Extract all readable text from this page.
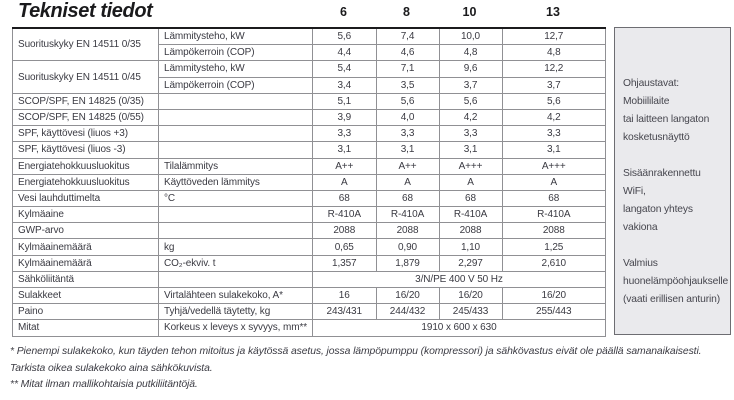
Tekniset tiedot	6	8	10	13
Suorituskyky EN 14511 0/35	Lämmitysteho, kW	5,6	7,4	10,0	12,7
	Lämpökerroin (COP)	4,4	4,6	4,8	4,8
Suorituskyky EN 14511 0/45	Lämmitysteho, kW	5,4	7,1	9,6	12,2
	Lämpökerroin (COP)	3,4	3,5	3,7	3,7
SCOP/SPF, EN 14825 (0/35)		5,1	5,6	5,6	5,6
SCOP/SPF, EN 14825 (0/55)		3,9	4,0	4,2	4,2
SPF, käyttövesi (liuos +3)		3,3	3,3	3,3	3,3
SPF, käyttövesi (liuos -3)		3,1	3,1	3,1	3,1
Energiatehokkuusluokitus	Tilalämmitys	A++	A++	A+++	A+++
Energiatehokkuusluokitus	Käyttöveden lämmitys	A	A	A	A
Vesi lauhduttimelta	°C	68	68	68	68
Kylmäaine		R-410A	R-410A	R-410A	R-410A
GWP-arvo		2088	2088	2088	2088
Kylmäainemäärä	kg	0,65	0,90	1,10	1,25
Kylmäainemäärä	CO₂-ekviv. t	1,357	1,879	2,297	2,610
Sähköliitäntä		3/N/PE 400 V 50 Hz			
Sulakkeet	Virtalähteen sulakekoko, A*	16	16/20	16/20	16/20
Paino	Tyhjä/vedellä täytetty, kg	243/431	244/432	245/433	255/443
Mitat	Korkeus x leveys x syvyys, mm**	1910 x 600 x 630			

Ohjaustavat:
Mobiililaite
tai laitteen langaton
kosketusnäyttö

Sisäänrakennettu WiFi,
langaton yhteys vakiona

Valmius
huonelämpöohjaukselle
(vaati erillisen anturin)

* Pienempi sulakekoko, kun täyden tehon mitoitus ja käytössä asetus, jossa lämpöpumppu (kompressori) ja sähkövastus eivät ole päällä samanaikaisesti.
Tarkista oikea sulakekoko aina sähkökuvista.
** Mitat ilman mallikohtaisia putkiliitäntöjä.
